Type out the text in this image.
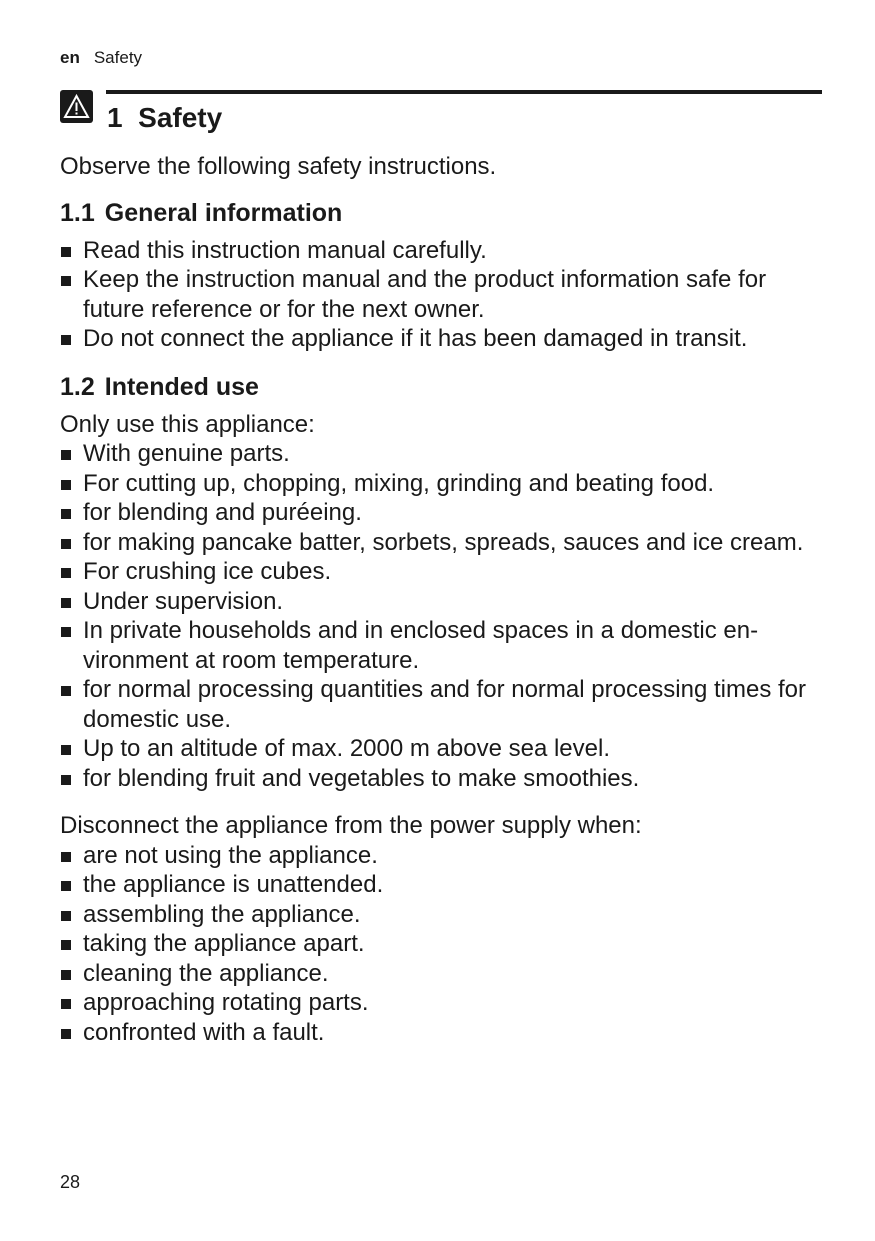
en Safety
1 Safety

Observe the following safety instructions.

1.1 General information
Read this instruction manual carefully.
Keep the instruction manual and the product information safe for future reference or for the next owner.
Do not connect the appliance if it has been damaged in transit.
1.2 Intended use

Only use this appliance:

With genuine parts.
For cutting up, chopping, mixing, grinding and beating food.
for blending and puréeing.
for making pancake batter, sorbets, spreads, sauces and ice cream.
For crushing ice cubes.
Under supervision.
In private households and in enclosed spaces in a domestic environment at room temperature.
for normal processing quantities and for normal processing times for domestic use.
Up to an altitude of max. 2000 m above sea level.
for blending fruit and vegetables to make smoothies.

Disconnect the appliance from the power supply when:

are not using the appliance.
the appliance is unattended.
assembling the appliance.
taking the appliance apart.
cleaning the appliance.
approaching rotating parts.
confronted with a fault.
28
